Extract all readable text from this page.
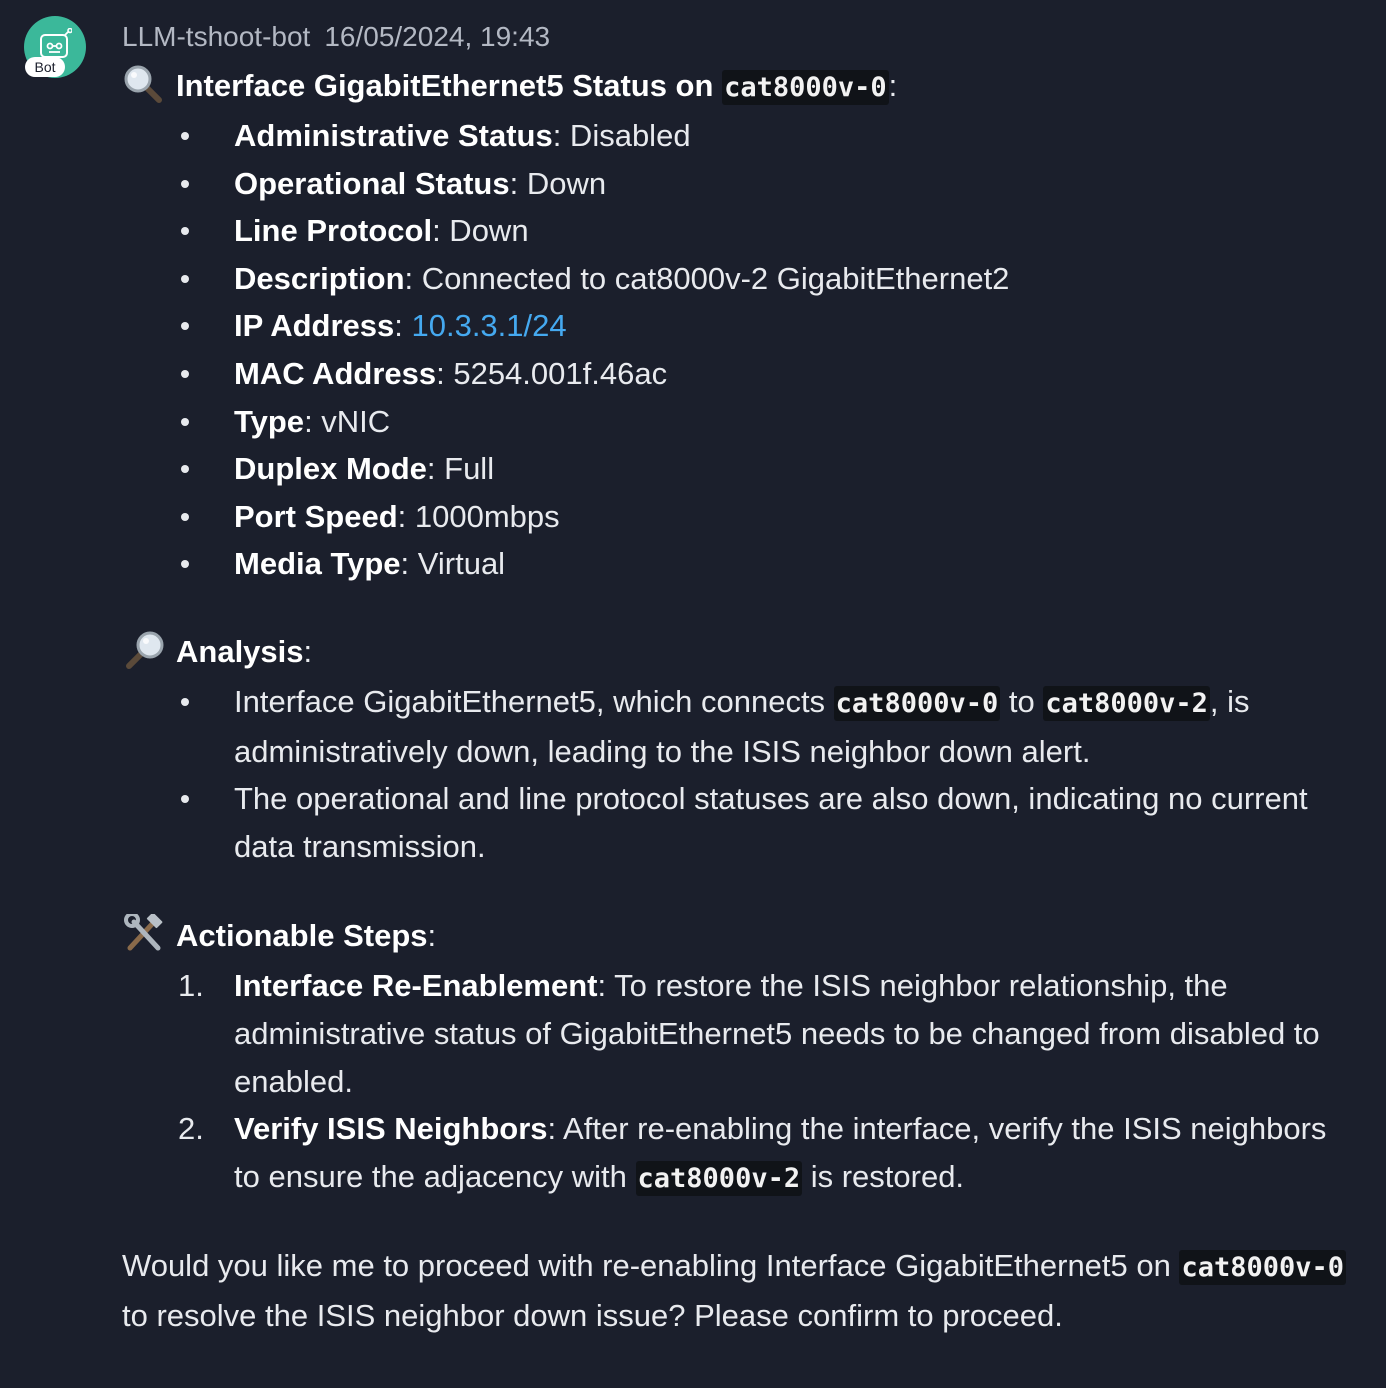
Bot
LLM-tshoot-bot 16/05/2024, 19:43
Interface GigabitEthernet5 Status on cat8000v-0:
Administrative Status: Disabled
Operational Status: Down
Line Protocol: Down
Description: Connected to cat8000v-2 GigabitEthernet2
IP Address: 10.3.3.1/24
MAC Address: 5254.001f.46ac
Type: vNIC
Duplex Mode: Full
Port Speed: 1000mbps
Media Type: Virtual
Analysis:
Interface GigabitEthernet5, which connects cat8000v-0 to cat8000v-2, is administratively down, leading to the ISIS neighbor down alert.
The operational and line protocol statuses are also down, indicating no current data transmission.
Actionable Steps:
1. Interface Re-Enablement: To restore the ISIS neighbor relationship, the administrative status of GigabitEthernet5 needs to be changed from disabled to enabled.
2. Verify ISIS Neighbors: After re-enabling the interface, verify the ISIS neighbors to ensure the adjacency with cat8000v-2 is restored.
Would you like me to proceed with re-enabling Interface GigabitEthernet5 on cat8000v-0 to resolve the ISIS neighbor down issue? Please confirm to proceed.
